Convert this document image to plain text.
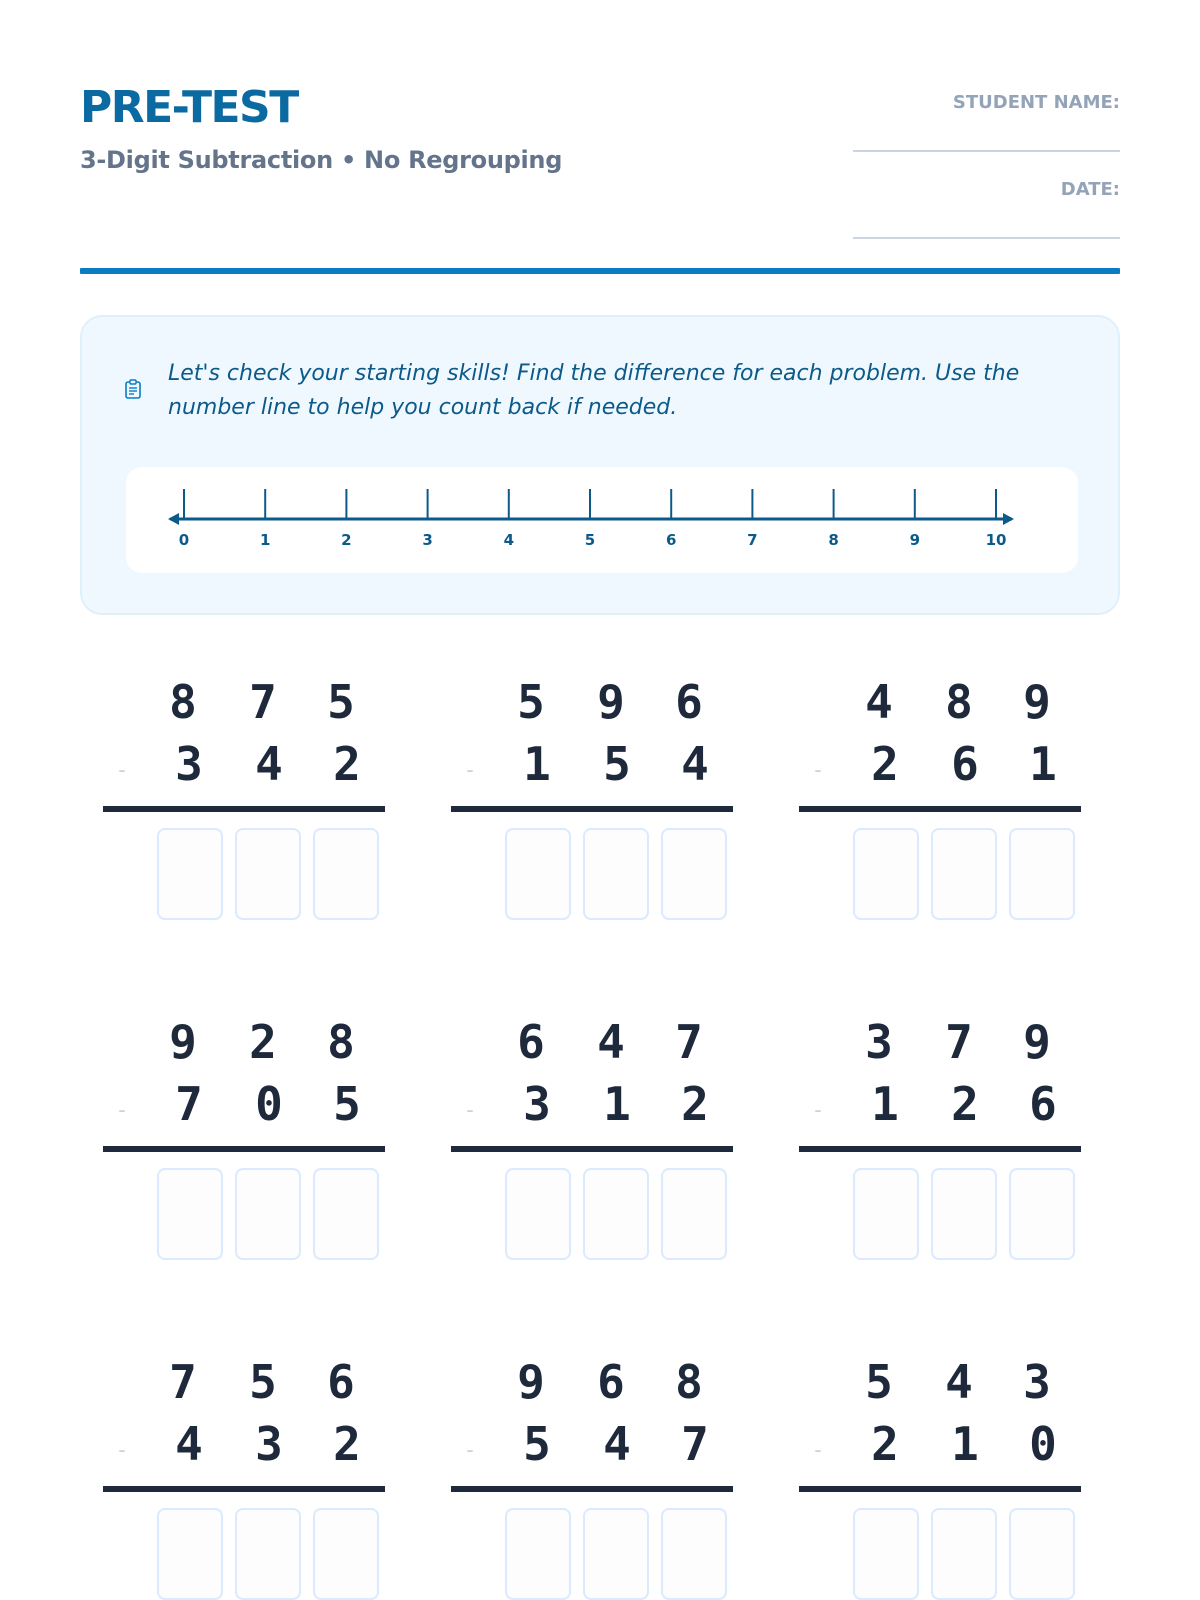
PRE-TEST
3-Digit Subtraction • No Regrouping
STUDENT NAME:
DATE:
Let's check your starting skills! Find the difference for each problem. Use the number line to help you count back if needed.
0	1	2	3	4	5	6	7	8	9	10
8	7	5
-	3	4	2
5	9	6
-	1	5	4
4	8	9
-	2	6	1
9	2	8
-	7	0	5
6	4	7
-	3	1	2
3	7	9
-	1	2	6
7	5	6
-	4	3	2
9	6	8
-	5	4	7
5	4	3
-	2	1	0
